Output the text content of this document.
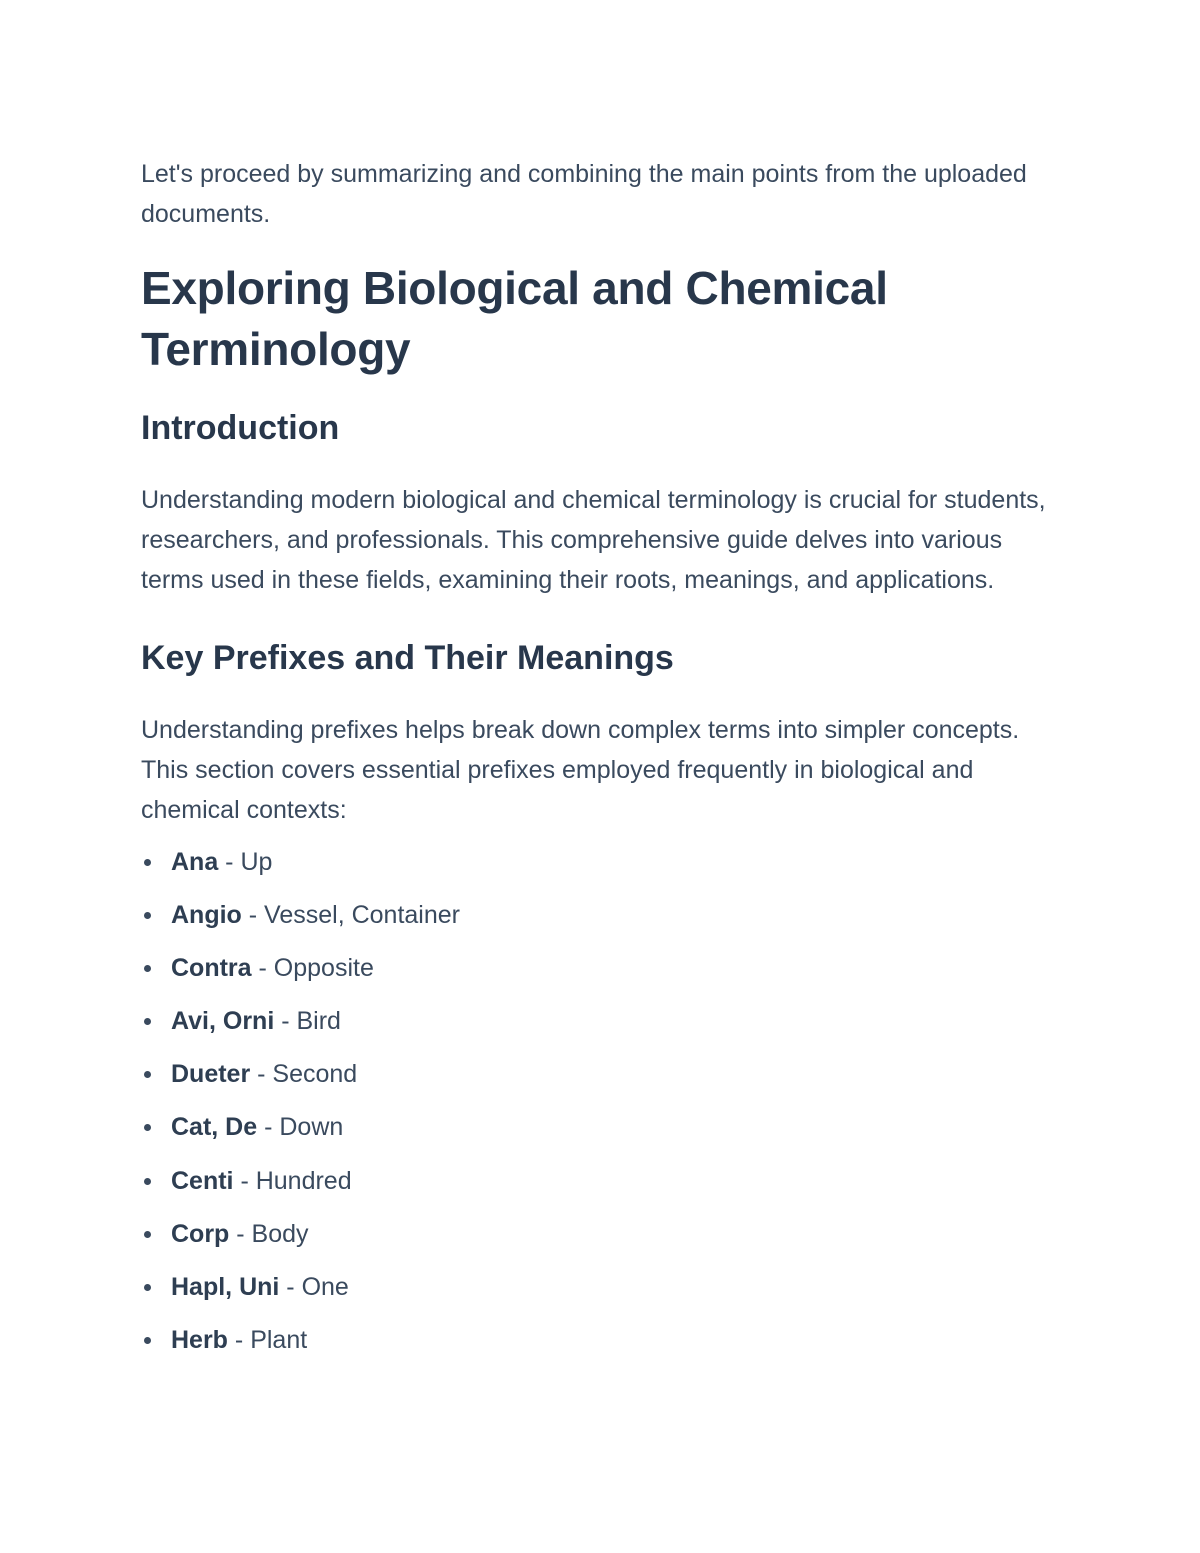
Let's proceed by summarizing and combining the main points from the uploaded documents.

Exploring Biological and Chemical Terminology
Introduction

Understanding modern biological and chemical terminology is crucial for students, researchers, and professionals. This comprehensive guide delves into various terms used in these fields, examining their roots, meanings, and applications.

Key Prefixes and Their Meanings

Understanding prefixes helps break down complex terms into simpler concepts. This section covers essential prefixes employed frequently in biological and chemical contexts:

Ana - Up
Angio - Vessel, Container
Contra - Opposite
Avi, Orni - Bird
Dueter - Second
Cat, De - Down
Centi - Hundred
Corp - Body
Hapl, Uni - One
Herb - Plant
